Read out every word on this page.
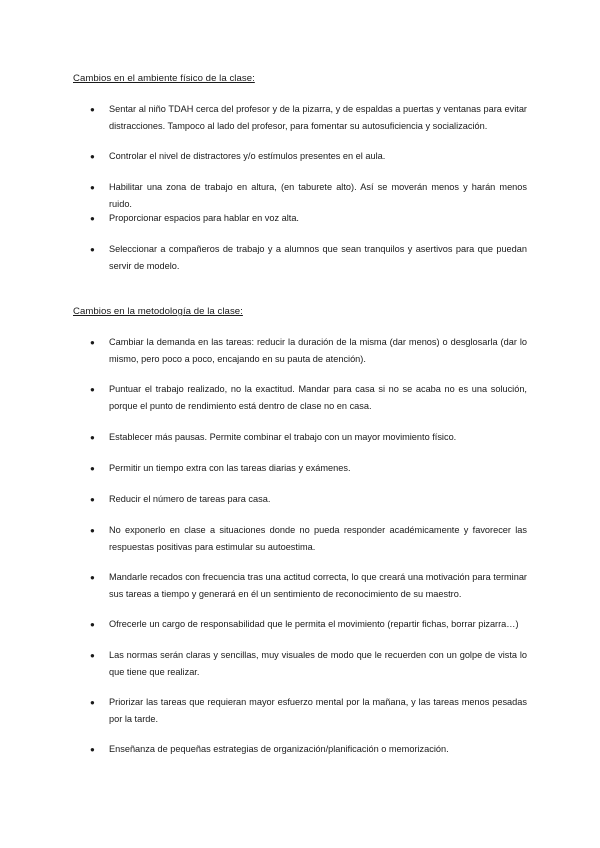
Cambios en el ambiente físico de la clase:
● Sentar al niño TDAH cerca del profesor y de la pizarra, y de espaldas a puertas y ventanas para evitar distracciones. Tampoco al lado del profesor, para fomentar su autosuficiencia y socialización.
● Controlar el nivel de distractores y/o estímulos presentes en el aula.
● Habilitar una zona de trabajo en altura, (en taburete alto). Así se moverán menos y harán menos ruido.
● Proporcionar espacios para hablar en voz alta.
● Seleccionar a compañeros de trabajo y a alumnos que sean tranquilos y asertivos para que puedan servir de modelo.
Cambios en la metodología de la clase:
● Cambiar la demanda en las tareas: reducir la duración de la misma (dar menos) o desglosarla (dar lo mismo, pero poco a poco, encajando en su pauta de atención).
● Puntuar el trabajo realizado, no la exactitud. Mandar para casa si no se acaba no es una solución, porque el punto de rendimiento está dentro de clase no en casa.
● Establecer más pausas. Permite combinar el trabajo con un mayor movimiento físico.
● Permitir un tiempo extra con las tareas diarias y exámenes.
● Reducir el número de tareas para casa.
● No exponerlo en clase a situaciones donde no pueda responder académicamente y favorecer las respuestas positivas para estimular su autoestima.
● Mandarle recados con frecuencia tras una actitud correcta, lo que creará una motivación para terminar sus tareas a tiempo y generará en él un sentimiento de reconocimiento de su maestro.
● Ofrecerle un cargo de responsabilidad que le permita el movimiento (repartir fichas, borrar pizarra…)
● Las normas serán claras y sencillas, muy visuales de modo que le recuerden con un golpe de vista lo que tiene que realizar.
● Priorizar las tareas que requieran mayor esfuerzo mental por la mañana, y las tareas menos pesadas por la tarde.
● Enseñanza de pequeñas estrategias de organización/planificación o memorización.
